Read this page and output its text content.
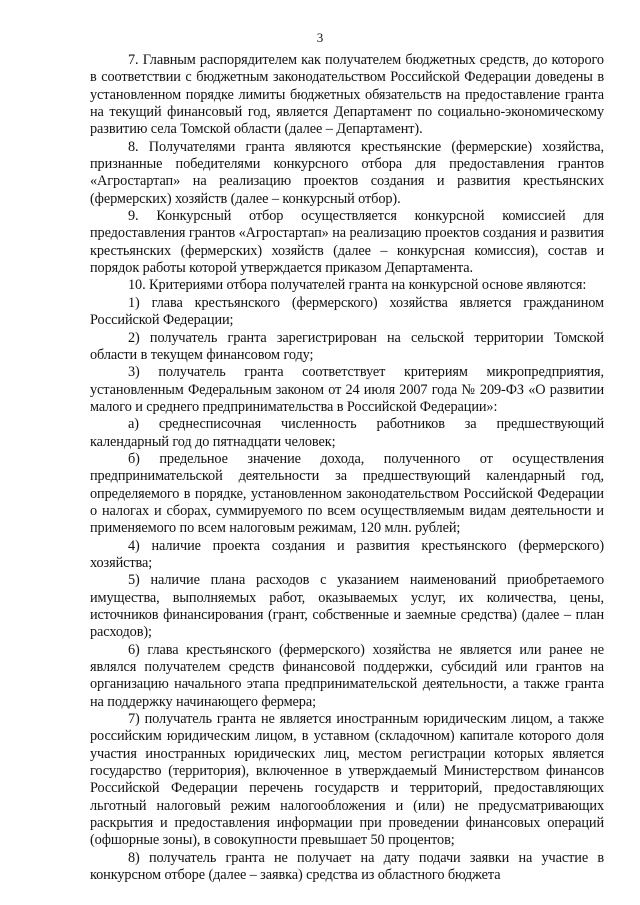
3

7. Главным распорядителем как получателем бюджетных средств, до которого в соответствии с бюджетным законодательством Российской Федерации доведены в установленном порядке лимиты бюджетных обязательств на предоставление гранта на текущий финансовый год, является Департамент по социально-экономическому развитию села Томской области (далее – Департамент).

8. Получателями гранта являются крестьянские (фермерские) хозяйства, признанные победителями конкурсного отбора для предоставления грантов «Агростартап» на реализацию проектов создания и развития крестьянских (фермерских) хозяйств (далее – конкурсный отбор).

9. Конкурсный отбор осуществляется конкурсной комиссией для предоставления грантов «Агростартап» на реализацию проектов создания и развития крестьянских (фермерских) хозяйств (далее – конкурсная комиссия), состав и порядок работы которой утверждается приказом Департамента.

10. Критериями отбора получателей гранта на конкурсной основе являются:

1) глава крестьянского (фермерского) хозяйства является гражданином Российской Федерации;

2) получатель гранта зарегистрирован на сельской территории Томской области в текущем финансовом году;

3) получатель гранта соответствует критериям микропредприятия, установленным Федеральным законом от 24 июля 2007 года № 209-ФЗ «О развитии малого и среднего предпринимательства в Российской Федерации»:

а) среднесписочная численность работников за предшествующий календарный год до пятнадцати человек;

б) предельное значение дохода, полученного от осуществления предпринимательской деятельности за предшествующий календарный год, определяемого в порядке, установленном законодательством Российской Федерации о налогах и сборах, суммируемого по всем осуществляемым видам деятельности и применяемого по всем налоговым режимам, 120 млн. рублей;

4) наличие проекта создания и развития крестьянского (фермерского) хозяйства;

5) наличие плана расходов с указанием наименований приобретаемого имущества, выполняемых работ, оказываемых услуг, их количества, цены, источников финансирования (грант, собственные и заемные средства) (далее – план расходов);

6) глава крестьянского (фермерского) хозяйства не является или ранее не являлся получателем средств финансовой поддержки, субсидий или грантов на организацию начального этапа предпринимательской деятельности, а также гранта на поддержку начинающего фермера;

7) получатель гранта не является иностранным юридическим лицом, а также российским юридическим лицом, в уставном (складочном) капитале которого доля участия иностранных юридических лиц, местом регистрации которых является государство (территория), включенное в утверждаемый Министерством финансов Российской Федерации перечень государств и территорий, предоставляющих льготный налоговый режим налогообложения и (или) не предусматривающих раскрытия и предоставления информации при проведении финансовых операций (офшорные зоны), в совокупности превышает 50 процентов;

8) получатель гранта не получает на дату подачи заявки на участие в конкурсном отборе (далее – заявка) средства из областного бюджета
